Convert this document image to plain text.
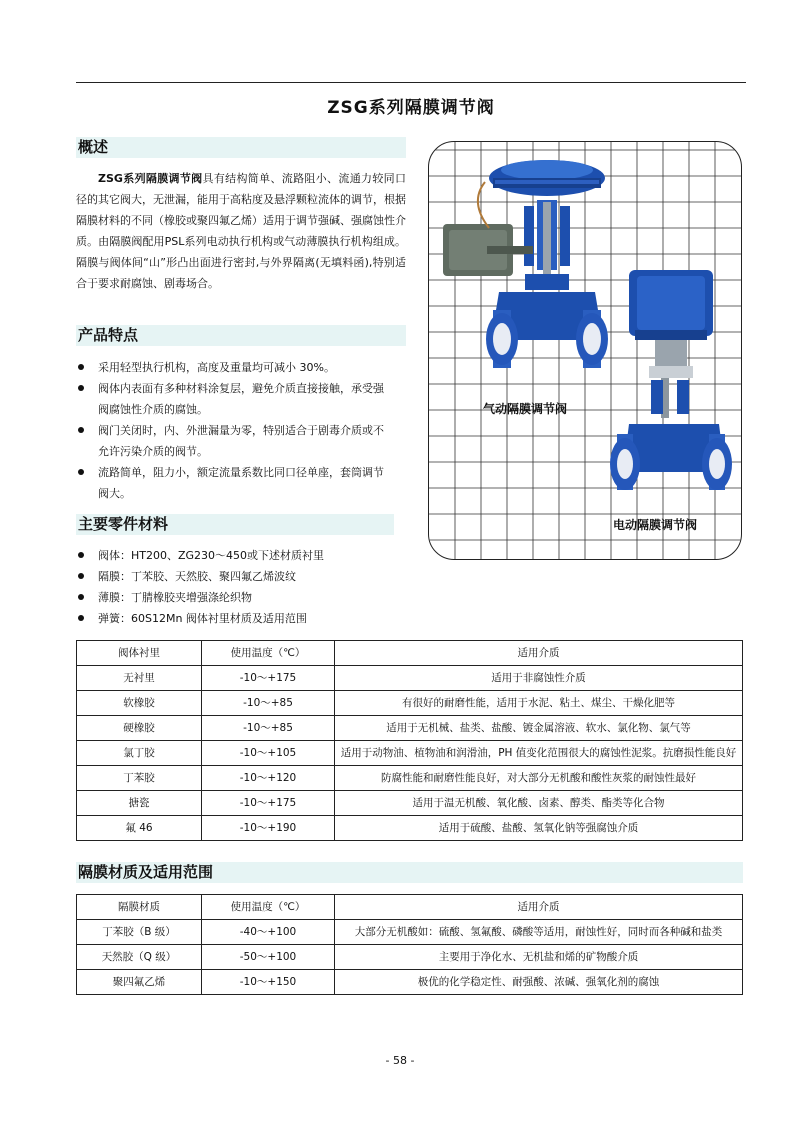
ZSG系列隔膜调节阀
概述

ZSG系列隔膜调节阀具有结构简单、流路阻小、流通力较同口径的其它阀大，无泄漏，能用于高粘度及悬浮颗粒流体的调节，根据隔膜材料的不同（橡胶或聚四氟乙烯）适用于调节强碱、强腐蚀性介质。由隔膜阀配用PSL系列电动执行机构或气动薄膜执行机构组成。隔膜与阀体间“山”形凸出面进行密封,与外界隔离(无填料函),特别适合于要求耐腐蚀、剧毒场合。

产品特点
采用轻型执行机构，高度及重量均可减小 30%。
阀体内表面有多种材料涂复层，避免介质直接接触，承受强阀腐蚀性介质的腐蚀。
阀门关闭时，内、外泄漏量为零，特别适合于剧毒介质或不允许污染介质的阀节。
流路简单，阻力小，额定流量系数比同口径单座，套筒调节阀大。
主要零件材料
阀体：HT200、ZG230～450或下述材质衬里
隔膜：丁苯胶、天然胶、聚四氟乙烯波纹
薄膜：丁腈橡胶夹增强涤纶织物
弹簧：60S12Mn 阀体衬里材质及适用范围
气动隔膜调节阀
电动隔膜调节阀
阀体衬里	使用温度（℃）	适用介质
无衬里	-10～+175	适用于非腐蚀性介质
软橡胶	-10～+85	有很好的耐磨性能，适用于水泥、粘土、煤尘、干燥化肥等
硬橡胶	-10～+85	适用于无机械、盐类、盐酸、镀金属溶液、软水、氯化物、氯气等
氯丁胶	-10～+105	适用于动物油、植物油和润滑油，PH 值变化范围很大的腐蚀性泥浆。抗磨损性能良好
丁苯胶	-10～+120	防腐性能和耐磨性能良好，对大部分无机酸和酸性灰浆的耐蚀性最好
搪瓷	-10～+175	适用于温无机酸、氧化酸、卤素、醇类、酯类等化合物
氟 46	-10～+190	适用于硫酸、盐酸、氢氧化钠等强腐蚀介质
隔膜材质及适用范围
隔膜材质	使用温度（℃）	适用介质
丁苯胶（B 级）	-40～+100	大部分无机酸如：硫酸、氢氟酸、磷酸等适用，耐蚀性好，同时而各种碱和盐类
天然胶（Q 级）	-50～+100	主要用于净化水、无机盐和烯的矿物酸介质
聚四氟乙烯	-10～+150	极优的化学稳定性、耐强酸、浓碱、强氧化剂的腐蚀
- 58 -
